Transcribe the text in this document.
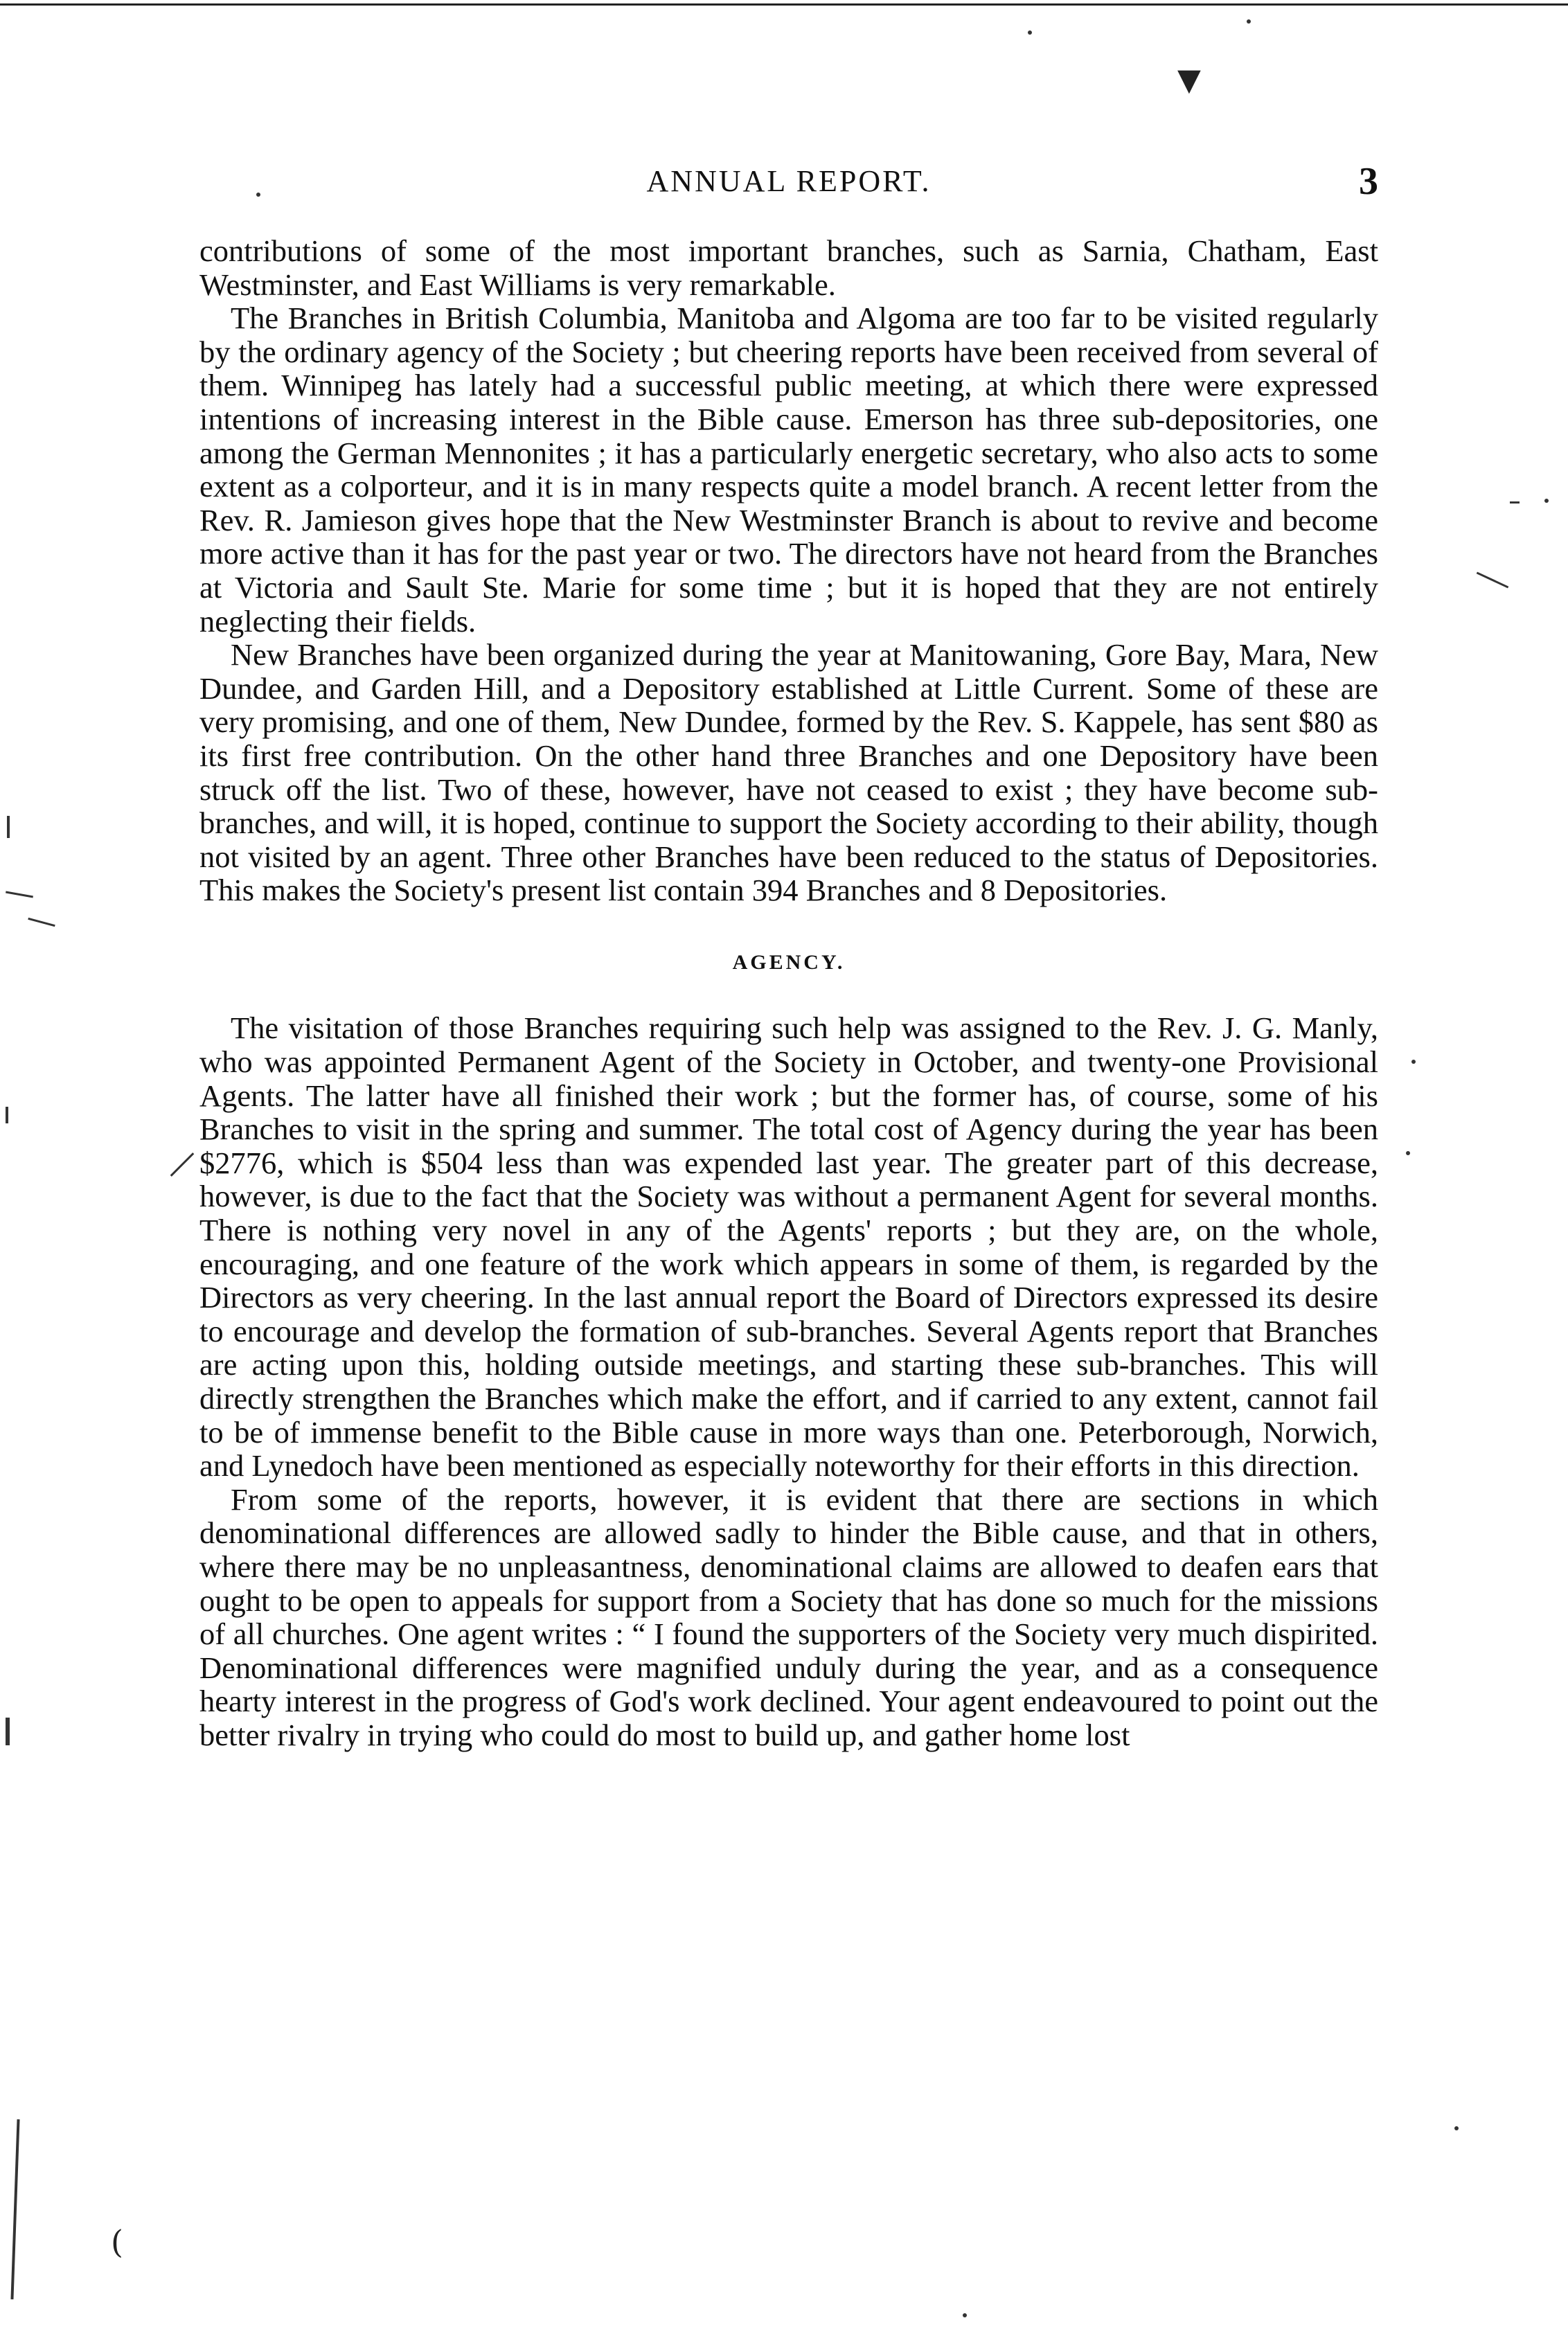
▼
(
ANNUAL REPORT.	3

contributions of some of the most important branches, such as Sarnia, Chatham, East Westminster, and East Williams is very remarkable.

The Branches in British Columbia, Manitoba and Algoma are too far to be visited regularly by the ordinary agency of the Society ; but cheering reports have been received from several of them. Winnipeg has lately had a successful public meeting, at which there were expressed intentions of increasing interest in the Bible cause. Emerson has three sub-depositories, one among the German Mennonites ; it has a particularly energetic secretary, who also acts to some extent as a colporteur, and it is in many respects quite a model branch. A recent letter from the Rev. R. Jamieson gives hope that the New Westminster Branch is about to revive and become more active than it has for the past year or two. The directors have not heard from the Branches at Victoria and Sault Ste. Marie for some time ; but it is hoped that they are not entirely neglecting their fields.

New Branches have been organized during the year at Manitowaning, Gore Bay, Mara, New Dundee, and Garden Hill, and a Depository established at Little Current. Some of these are very promising, and one of them, New Dundee, formed by the Rev. S. Kappele, has sent $80 as its first free contribution. On the other hand three Branches and one Depository have been struck off the list. Two of these, however, have not ceased to exist ; they have become sub-branches, and will, it is hoped, continue to support the Society according to their ability, though not visited by an agent. Three other Branches have been reduced to the status of Depositories. This makes the Society's present list contain 394 Branches and 8 Depositories.

AGENCY.

The visitation of those Branches requiring such help was assigned to the Rev. J. G. Manly, who was appointed Permanent Agent of the Society in October, and twenty-one Provisional Agents. The latter have all finished their work ; but the former has, of course, some of his Branches to visit in the spring and summer. The total cost of Agency during the year has been $2776, which is $504 less than was expended last year. The greater part of this decrease, however, is due to the fact that the Society was without a permanent Agent for several months. There is nothing very novel in any of the Agents' reports ; but they are, on the whole, encouraging, and one feature of the work which appears in some of them, is regarded by the Directors as very cheering. In the last annual report the Board of Directors expressed its desire to encourage and develop the formation of sub-branches. Several Agents report that Branches are acting upon this, holding outside meetings, and starting these sub-branches. This will directly strengthen the Branches which make the effort, and if carried to any extent, cannot fail to be of immense benefit to the Bible cause in more ways than one. Peterborough, Norwich, and Lynedoch have been mentioned as especially noteworthy for their efforts in this direction.

From some of the reports, however, it is evident that there are sections in which denominational differences are allowed sadly to hinder the Bible cause, and that in others, where there may be no unpleasantness, denominational claims are allowed to deafen ears that ought to be open to appeals for support from a Society that has done so much for the missions of all churches. One agent writes : “ I found the supporters of the Society very much dispirited. Denominational differences were magnified unduly during the year, and as a consequence hearty interest in the progress of God's work declined. Your agent endeavoured to point out the better rivalry in trying who could do most to build up, and gather home lost
